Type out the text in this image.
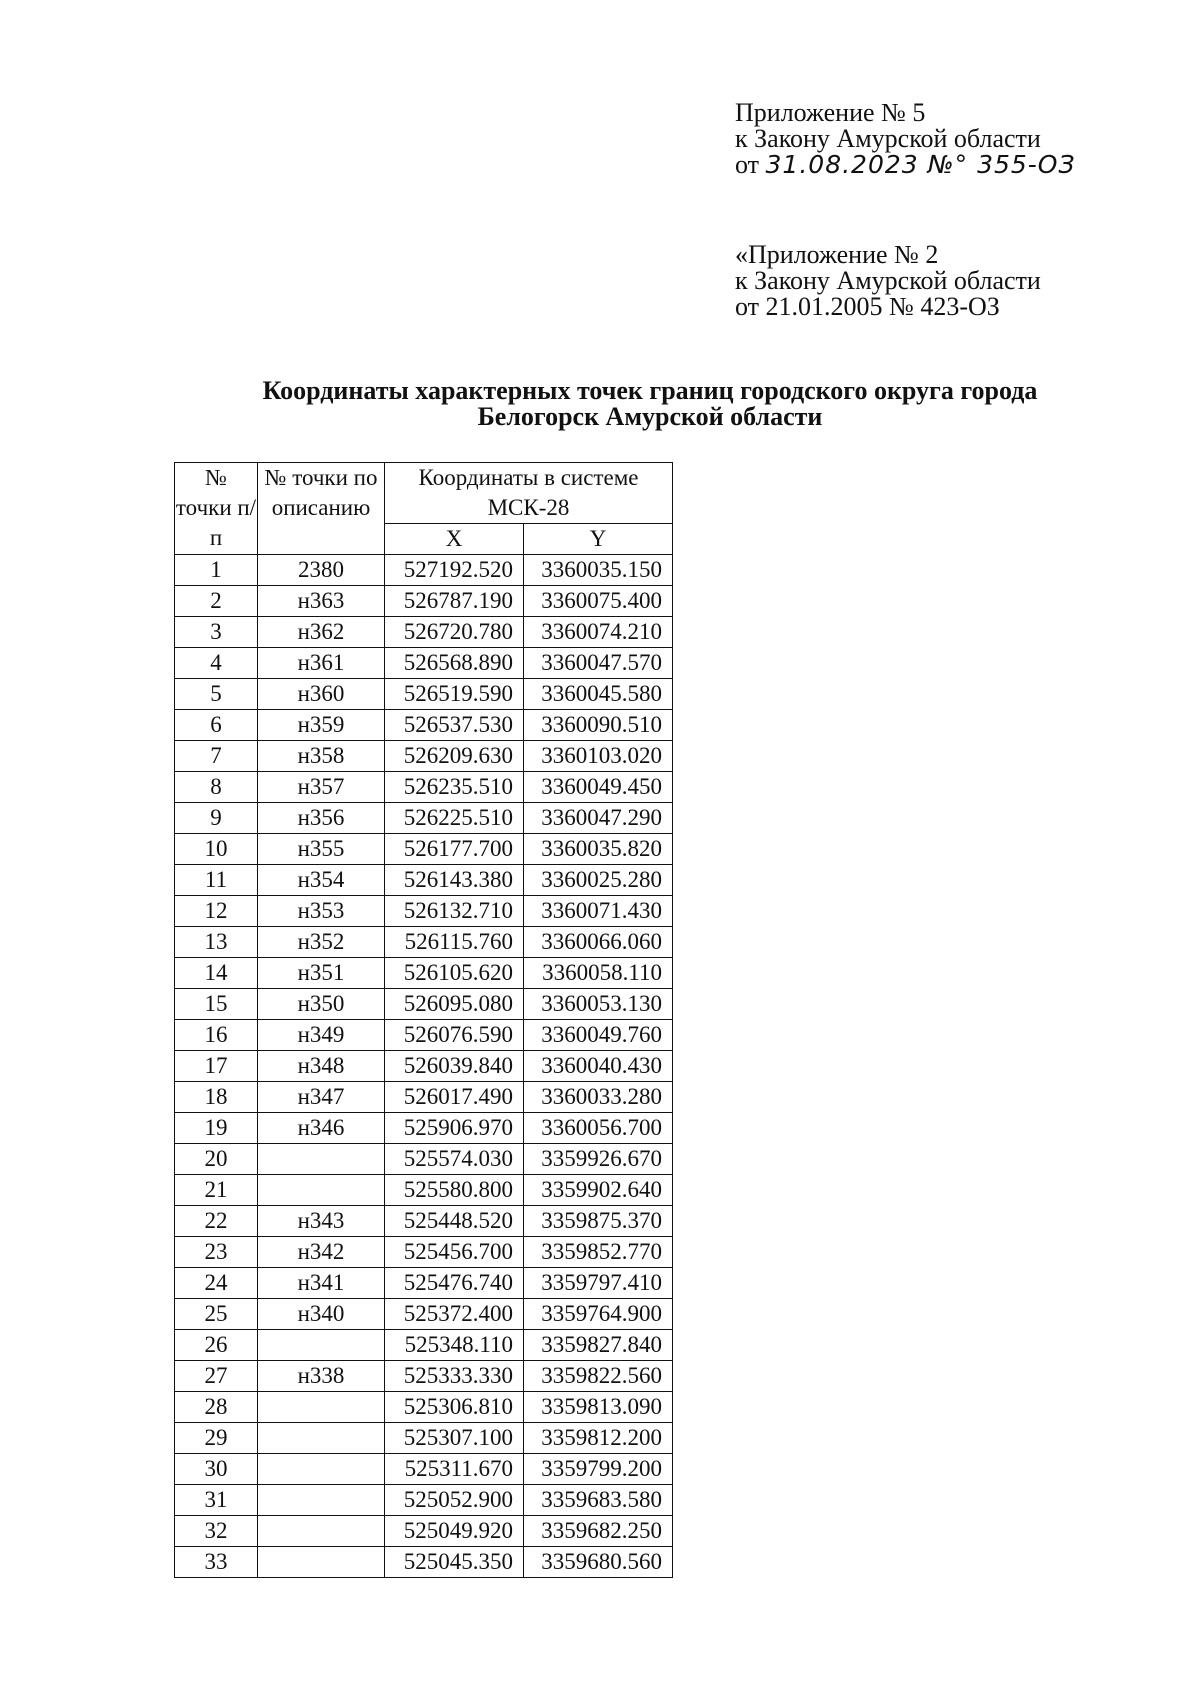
Приложение № 5
к Закону Амурской области
от 31.08.2023 №° 355-ОЗ
«Приложение № 2
к Закону Амурской области
от 21.01.2005 № 423-ОЗ
Координаты характерных точек границ городского округа города
Белогорск Амурской области
№ точки п/п	№ точки по описанию	Координаты в системе МСК-28	
		X	Y
1	2380	527192.520	3360035.150
2	н363	526787.190	3360075.400
3	н362	526720.780	3360074.210
4	н361	526568.890	3360047.570
5	н360	526519.590	3360045.580
6	н359	526537.530	3360090.510
7	н358	526209.630	3360103.020
8	н357	526235.510	3360049.450
9	н356	526225.510	3360047.290
10	н355	526177.700	3360035.820
11	н354	526143.380	3360025.280
12	н353	526132.710	3360071.430
13	н352	526115.760	3360066.060
14	н351	526105.620	3360058.110
15	н350	526095.080	3360053.130
16	н349	526076.590	3360049.760
17	н348	526039.840	3360040.430
18	н347	526017.490	3360033.280
19	н346	525906.970	3360056.700
20		525574.030	3359926.670
21		525580.800	3359902.640
22	н343	525448.520	3359875.370
23	н342	525456.700	3359852.770
24	н341	525476.740	3359797.410
25	н340	525372.400	3359764.900
26		525348.110	3359827.840
27	н338	525333.330	3359822.560
28		525306.810	3359813.090
29		525307.100	3359812.200
30		525311.670	3359799.200
31		525052.900	3359683.580
32		525049.920	3359682.250
33		525045.350	3359680.560
